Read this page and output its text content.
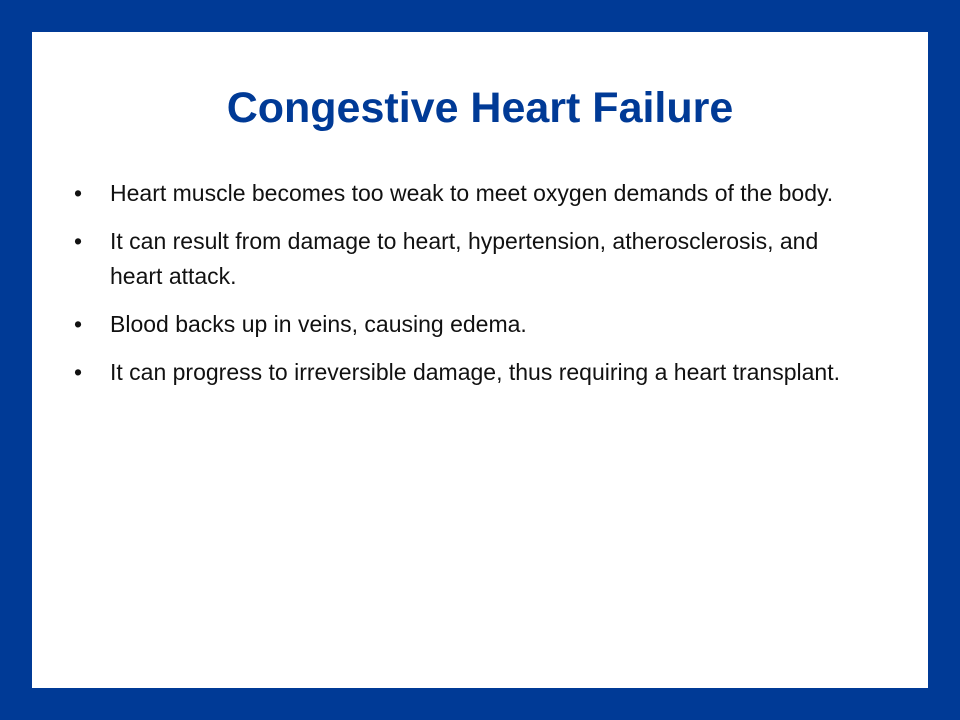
Congestive Heart Failure
• Heart muscle becomes too weak to meet oxygen demands of the body.
• It can result from damage to heart, hypertension, atherosclerosis, and heart attack.
• Blood backs up in veins, causing edema.
• It can progress to irreversible damage, thus requiring a heart transplant.
